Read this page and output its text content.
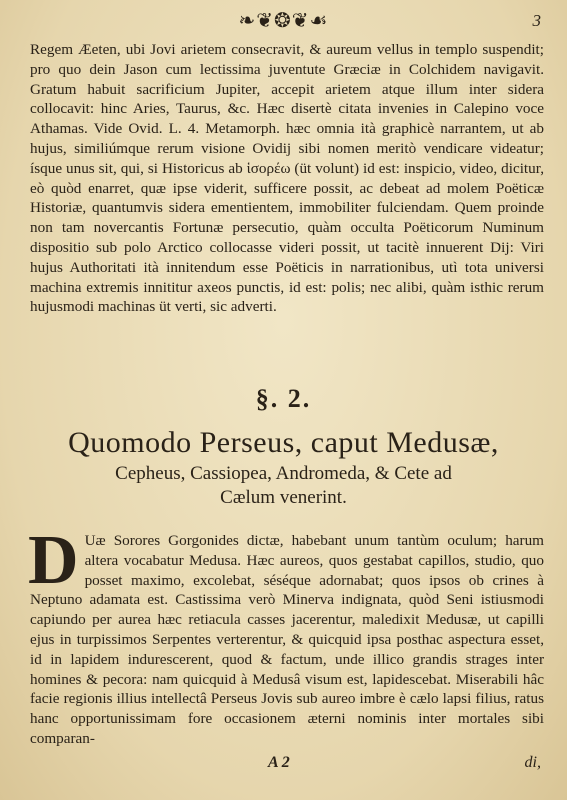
❧❦❂❦☙	3

Regem Æeten, ubi Jovi arietem consecravit, & aureum vellus in templo suspendit; pro quo dein Jason cum lectissima juventute Græciæ in Colchidem navigavit. Gratum habuit sacrificium Jupiter, accepit arietem atque illum inter sidera collocavit: hinc Aries, Taurus, &c. Hæc disertè citata invenies in Calepino voce Athamas. Vide Ovid. L. 4. Metamorph. hæc omnia ità graphicè narrantem, ut ab hujus, similiúmque rerum visione Ovidij sibi nomen meritò vendicare videatur; ísque unus sit, qui, si Historicus ab ἱσορέω (üt volunt) id est: inspicio, video, dicitur, eò quòd enarret, quæ ipse viderit, sufficere possit, ac debeat ad molem Poëticæ Historiæ, quantumvis sidera ementientem, immobiliter fulciendam. Quem proinde non tam novercantis Fortunæ persecutio, quàm occulta Poëticorum Numinum dispositio sub polo Arctico collocasse videri possit, ut tacitè innuerent Dij: Viri hujus Authoritati ità innitendum esse Poëticis in narrationibus, utì tota universi machina extremis innititur axeos punctis, id est: polis; nec alibi, quàm isthic rerum hujusmodi machinas üt verti, sic adverti.

§. 2.
Quomodo Perseus, caput Medusæ,
Cepheus, Cassiopea, Andromeda, & Cete ad
Cælum venerint.
D Uæ Sorores Gorgonides dictæ, habebant unum tantùm oculum; harum altera vocabatur Medusa. Hæc aureos, quos gestabat capillos, studio, quo posset maximo, excolebat, séséque adornabat; quos ipsos ob crines à Neptuno adamata est. Castissima verò Minerva indignata, quòd Seni istiusmodi capiundo per aurea hæc retiacula casses jacerentur, maledixit Medusæ, ut capilli ejus in turpissimos Serpentes verterentur, & quicquid ipsa posthac aspectura esset, id in lapidem indurescerent, quod & factum, unde illico grandis strages inter homines & pecora: nam quicquid à Medusâ visum est, lapidescebat. Miserabili hâc facie regionis illius intellectâ Perseus Jovis sub aureo imbre è cælo lapsi filius, ratus hanc opportunissimam fore occasionem æterni nominis inter mortales sibi comparan-

A 2	di,
